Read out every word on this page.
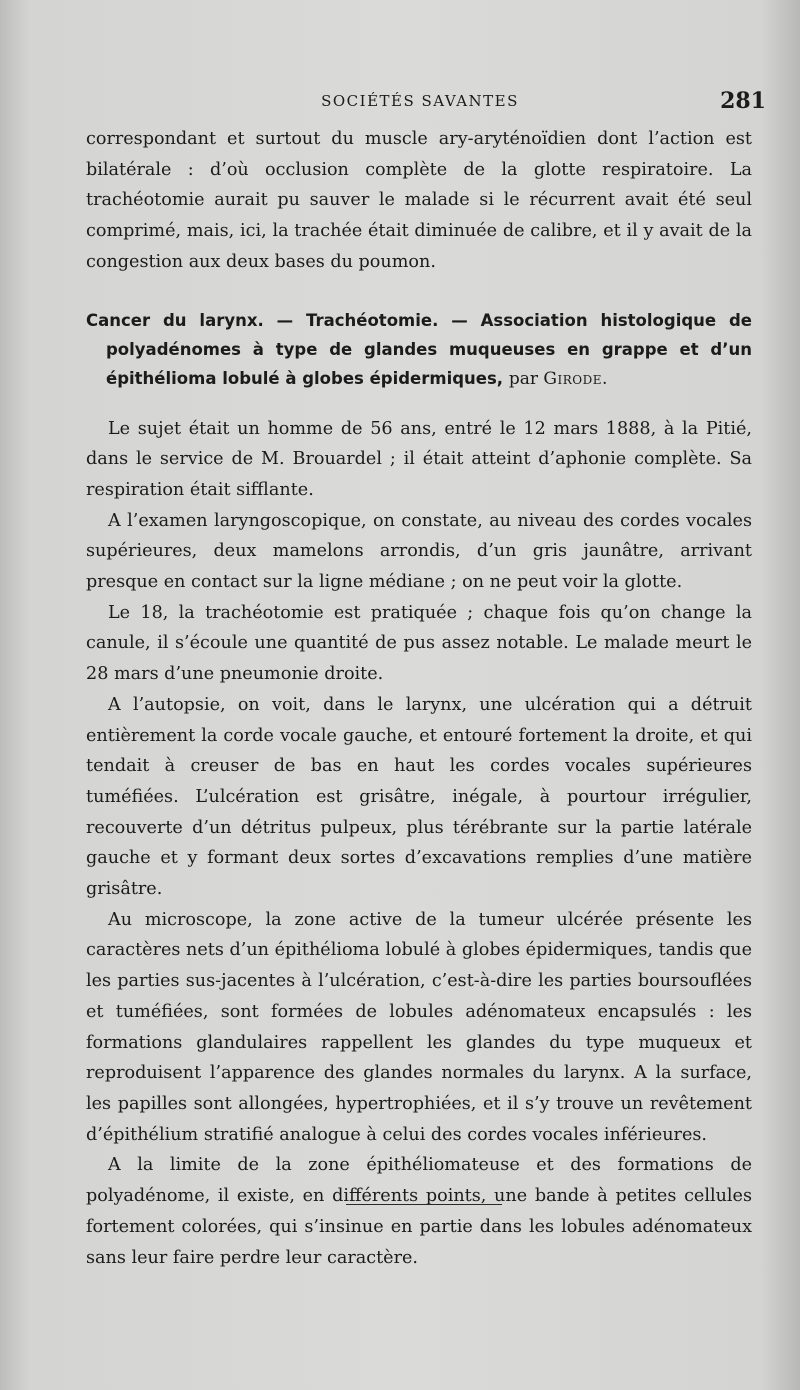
SOCIÉTÉS SAVANTES	281

correspondant et surtout du muscle ary-aryténoïdien dont l’action est bilatérale : d’où occlusion complète de la glotte respiratoire. La trachéotomie aurait pu sauver le malade si le récurrent avait été seul comprimé, mais, ici, la trachée était diminuée de calibre, et il y avait de la congestion aux deux bases du poumon.

Cancer du larynx. — Trachéotomie. — Association histologique de polyadénomes à type de glandes muqueuses en grappe et d’un épithélioma lobulé à globes épidermiques, par Girode.

Le sujet était un homme de 56 ans, entré le 12 mars 1888, à la Pitié, dans le service de M. Brouardel ; il était atteint d’aphonie complète. Sa respiration était sifflante.

A l’examen laryngoscopique, on constate, au niveau des cordes vocales supérieures, deux mamelons arrondis, d’un gris jaunâtre, arrivant presque en contact sur la ligne médiane ; on ne peut voir la glotte.

Le 18, la trachéotomie est pratiquée ; chaque fois qu’on change la canule, il s’écoule une quantité de pus assez notable. Le malade meurt le 28 mars d’une pneumonie droite.

A l’autopsie, on voit, dans le larynx, une ulcération qui a détruit entièrement la corde vocale gauche, et entouré fortement la droite, et qui tendait à creuser de bas en haut les cordes vocales supérieures tuméfiées. L’ulcération est grisâtre, inégale, à pourtour irrégulier, recouverte d’un détritus pulpeux, plus térébrante sur la partie latérale gauche et y formant deux sortes d’excavations remplies d’une matière grisâtre.

Au microscope, la zone active de la tumeur ulcérée présente les caractères nets d’un épithélioma lobulé à globes épidermiques, tandis que les parties sus-jacentes à l’ulcération, c’est-à-dire les parties boursouflées et tuméfiées, sont formées de lobules adénomateux encapsulés : les formations glandulaires rappellent les glandes du type muqueux et reproduisent l’apparence des glandes normales du larynx. A la surface, les papilles sont allongées, hypertrophiées, et il s’y trouve un revêtement d’épithélium stratifié analogue à celui des cordes vocales inférieures.

A la limite de la zone épithéliomateuse et des formations de polyadénome, il existe, en différents points, une bande à petites cellules fortement colorées, qui s’insinue en partie dans les lobules adénomateux sans leur faire perdre leur caractère.
